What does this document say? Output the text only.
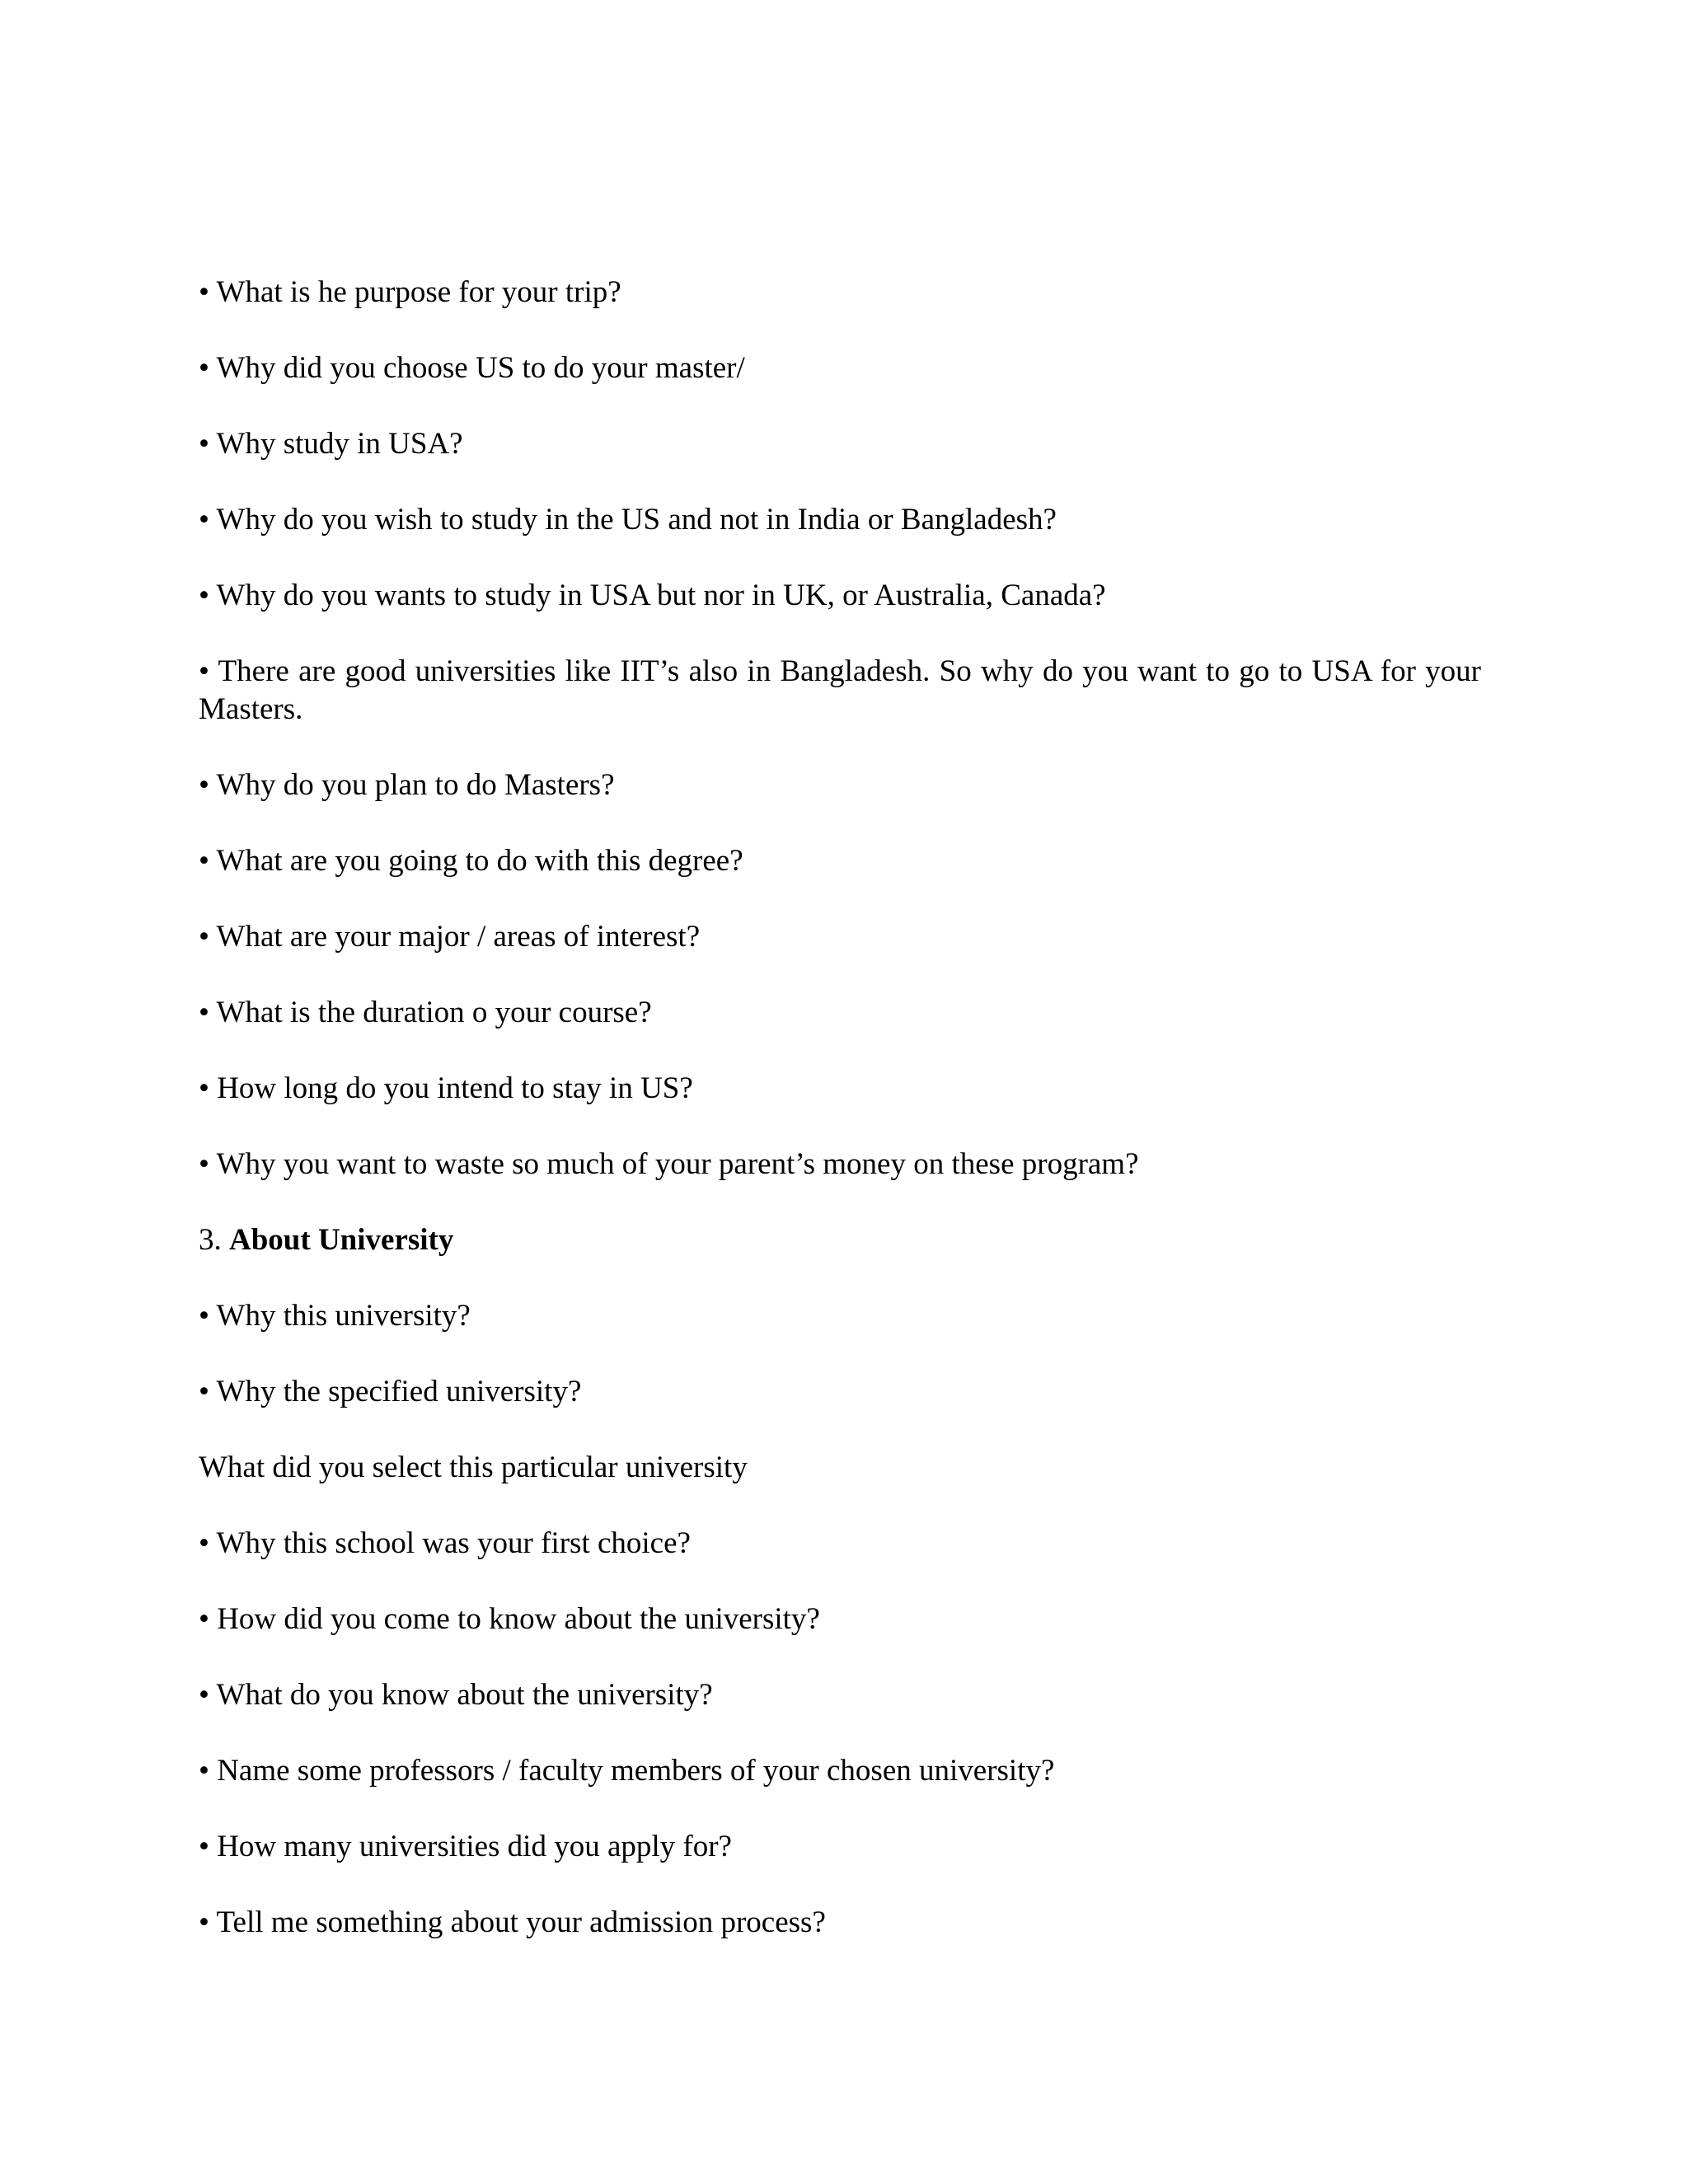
• What is he purpose for your trip?

• Why did you choose US to do your master/

• Why study in USA?

• Why do you wish to study in the US and not in India or Bangladesh?

• Why do you wants to study in USA but nor in UK, or Australia, Canada?

• There are good universities like IIT’s also in Bangladesh. So why do you want to go to USA for your Masters.

• Why do you plan to do Masters?

• What are you going to do with this degree?

• What are your major / areas of interest?

• What is the duration o your course?

• How long do you intend to stay in US?

• Why you want to waste so much of your parent’s money on these program?

3. About University

• Why this university?

• Why the specified university?

What did you select this particular university

• Why this school was your first choice?

• How did you come to know about the university?

• What do you know about the university?

• Name some professors / faculty members of your chosen university?

• How many universities did you apply for?

• Tell me something about your admission process?
